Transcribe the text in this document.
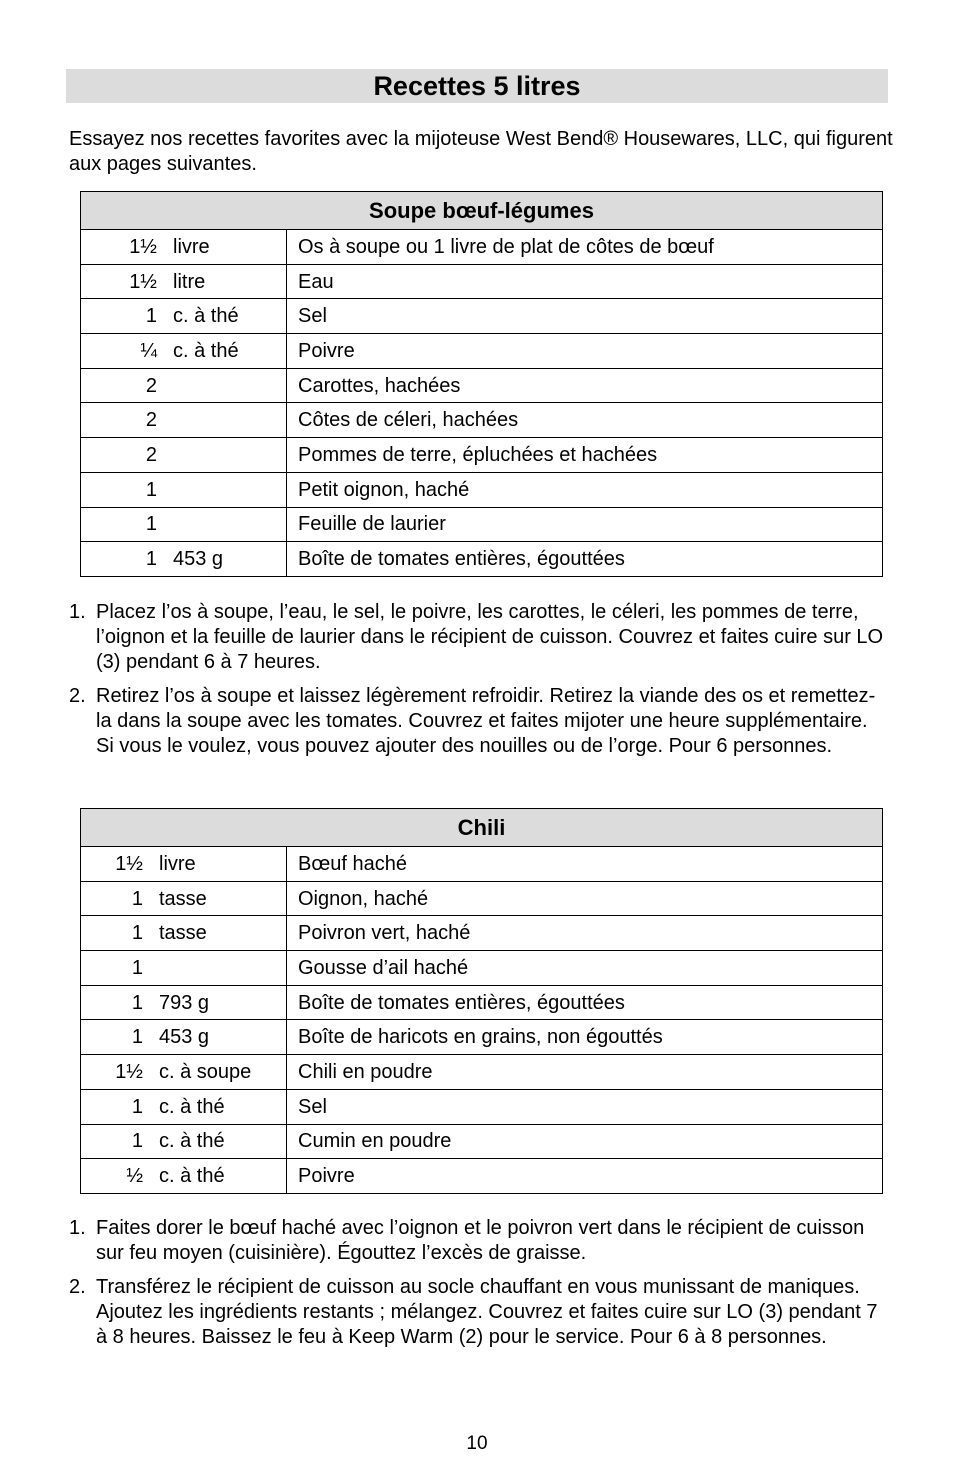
Recettes 5 litres

Essayez nos recettes favorites avec la mijoteuse West Bend® Housewares, LLC, qui figurent aux pages suivantes.

Soupe bœuf-légumes	
1½ livre	Os à soupe ou 1 livre de plat de côtes de bœuf
1½ litre	Eau
1 c. à thé	Sel
¼ c. à thé	Poivre
2	Carottes, hachées
2	Côtes de céleri, hachées
2	Pommes de terre, épluchées et hachées
1	Petit oignon, haché
1	Feuille de laurier
1 453 g	Boîte de tomates entières, égouttées
1. Placez l’os à soupe, l’eau, le sel, le poivre, les carottes, le céleri, les pommes de terre, l’oignon et la feuille de laurier dans le récipient de cuisson. Couvrez et faites cuire sur LO (3) pendant 6 à 7 heures.
2. Retirez l’os à soupe et laissez légèrement refroidir. Retirez la viande des os et remettez-la dans la soupe avec les tomates. Couvrez et faites mijoter une heure supplémentaire. Si vous le voulez, vous pouvez ajouter des nouilles ou de l’orge. Pour 6 personnes.
Chili	
1½ livre	Bœuf haché
1 tasse	Oignon, haché
1 tasse	Poivron vert, haché
1	Gousse d’ail haché
1 793 g	Boîte de tomates entières, égouttées
1 453 g	Boîte de haricots en grains, non égouttés
1½ c. à soupe	Chili en poudre
1 c. à thé	Sel
1 c. à thé	Cumin en poudre
½ c. à thé	Poivre
1. Faites dorer le bœuf haché avec l’oignon et le poivron vert dans le récipient de cuisson sur feu moyen (cuisinière). Égouttez l’excès de graisse.
2. Transférez le récipient de cuisson au socle chauffant en vous munissant de maniques. Ajoutez les ingrédients restants ; mélangez. Couvrez et faites cuire sur LO (3) pendant 7 à 8 heures. Baissez le feu à Keep Warm (2) pour le service. Pour 6 à 8 personnes.
10
